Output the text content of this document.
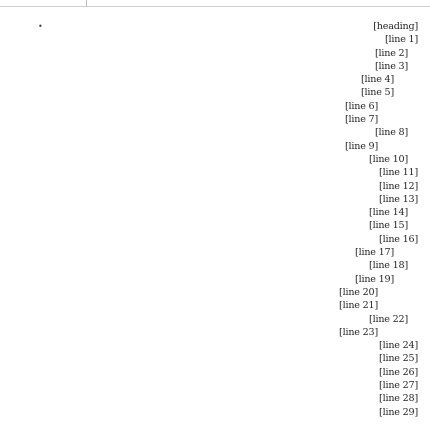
•	[heading]
[line 1]
[line 2]
[line 3]
[line 4]
[line 5]
[line 6]
[line 7]
[line 8]
[line 9]
[line 10]
[line 11]
[line 12]
[line 13]
[line 14]
[line 15]
[line 16]
[line 17]
[line 18]
[line 19]
[line 20]
[line 21]
[line 22]
[line 23]
[line 24]
[line 25]
[line 26]
[line 27]
[line 28]
[line 29]
